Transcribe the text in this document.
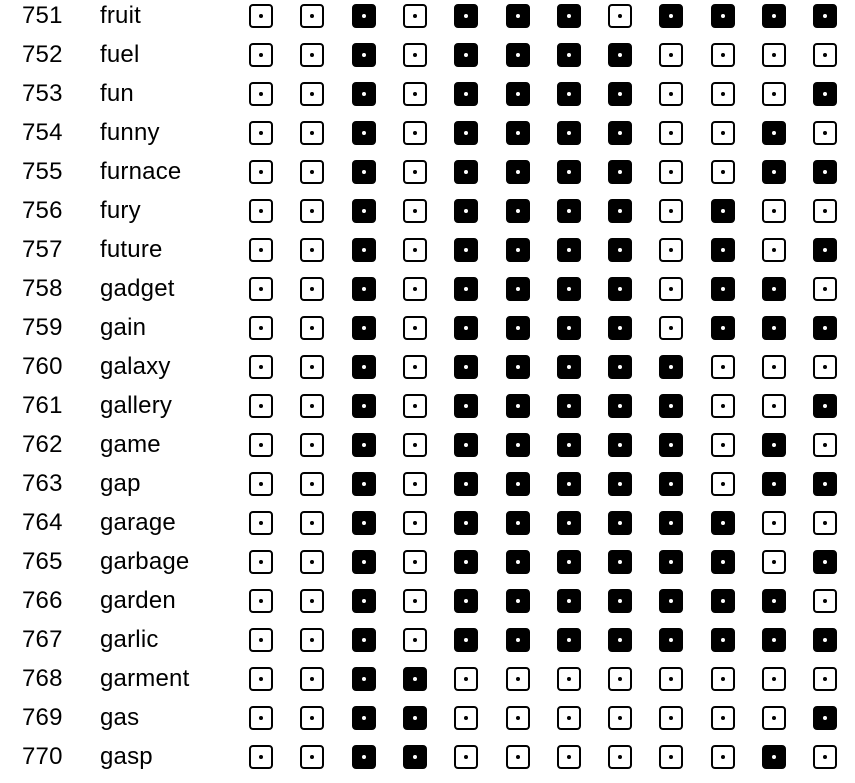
751 fruit
752 fuel
753 fun
754 funny
755 furnace
756 fury
757 future
758 gadget
759 gain
760 galaxy
761 gallery
762 game
763 gap
764 garage
765 garbage
766 garden
767 garlic
768 garment
769 gas
770 gasp
